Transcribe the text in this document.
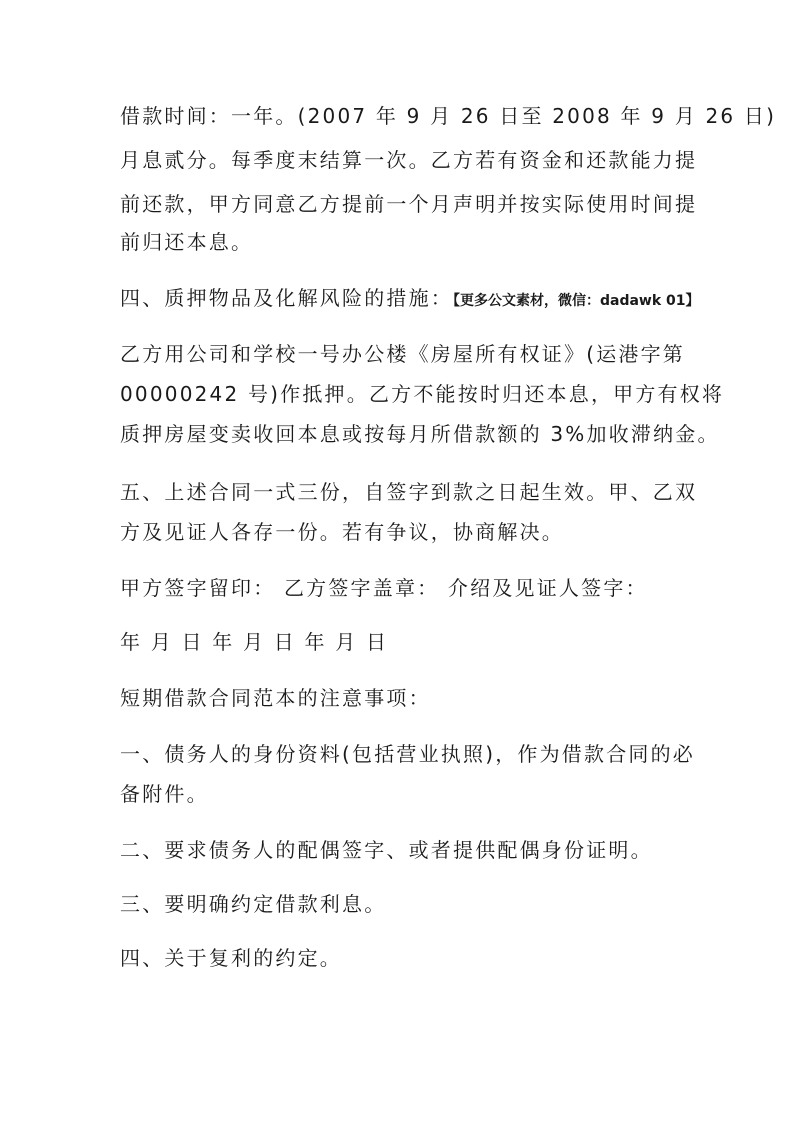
借款时间：一年。(2007 年 9 月 26 日至 2008 年 9 月 26 日)
月息贰分。每季度末结算一次。乙方若有资金和还款能力提
前还款，甲方同意乙方提前一个月声明并按实际使用时间提
前归还本息。
四、质押物品及化解风险的措施：【更多公文素材，微信：dadawk 01】
乙方用公司和学校一号办公楼《房屋所有权证》(运港字第
00000242 号)作抵押。乙方不能按时归还本息，甲方有权将
质押房屋变卖收回本息或按每月所借款额的 3%加收滞纳金。
五、上述合同一式三份，自签字到款之日起生效。甲、乙双
方及见证人各存一份。若有争议，协商解决。
甲方签字留印： 乙方签字盖章： 介绍及见证人签字：
年 月 日 年 月 日 年 月 日
短期借款合同范本的注意事项：
一、债务人的身份资料(包括营业执照)，作为借款合同的必
备附件。
二、要求债务人的配偶签字、或者提供配偶身份证明。
三、要明确约定借款利息。
四、关于复利的约定。
